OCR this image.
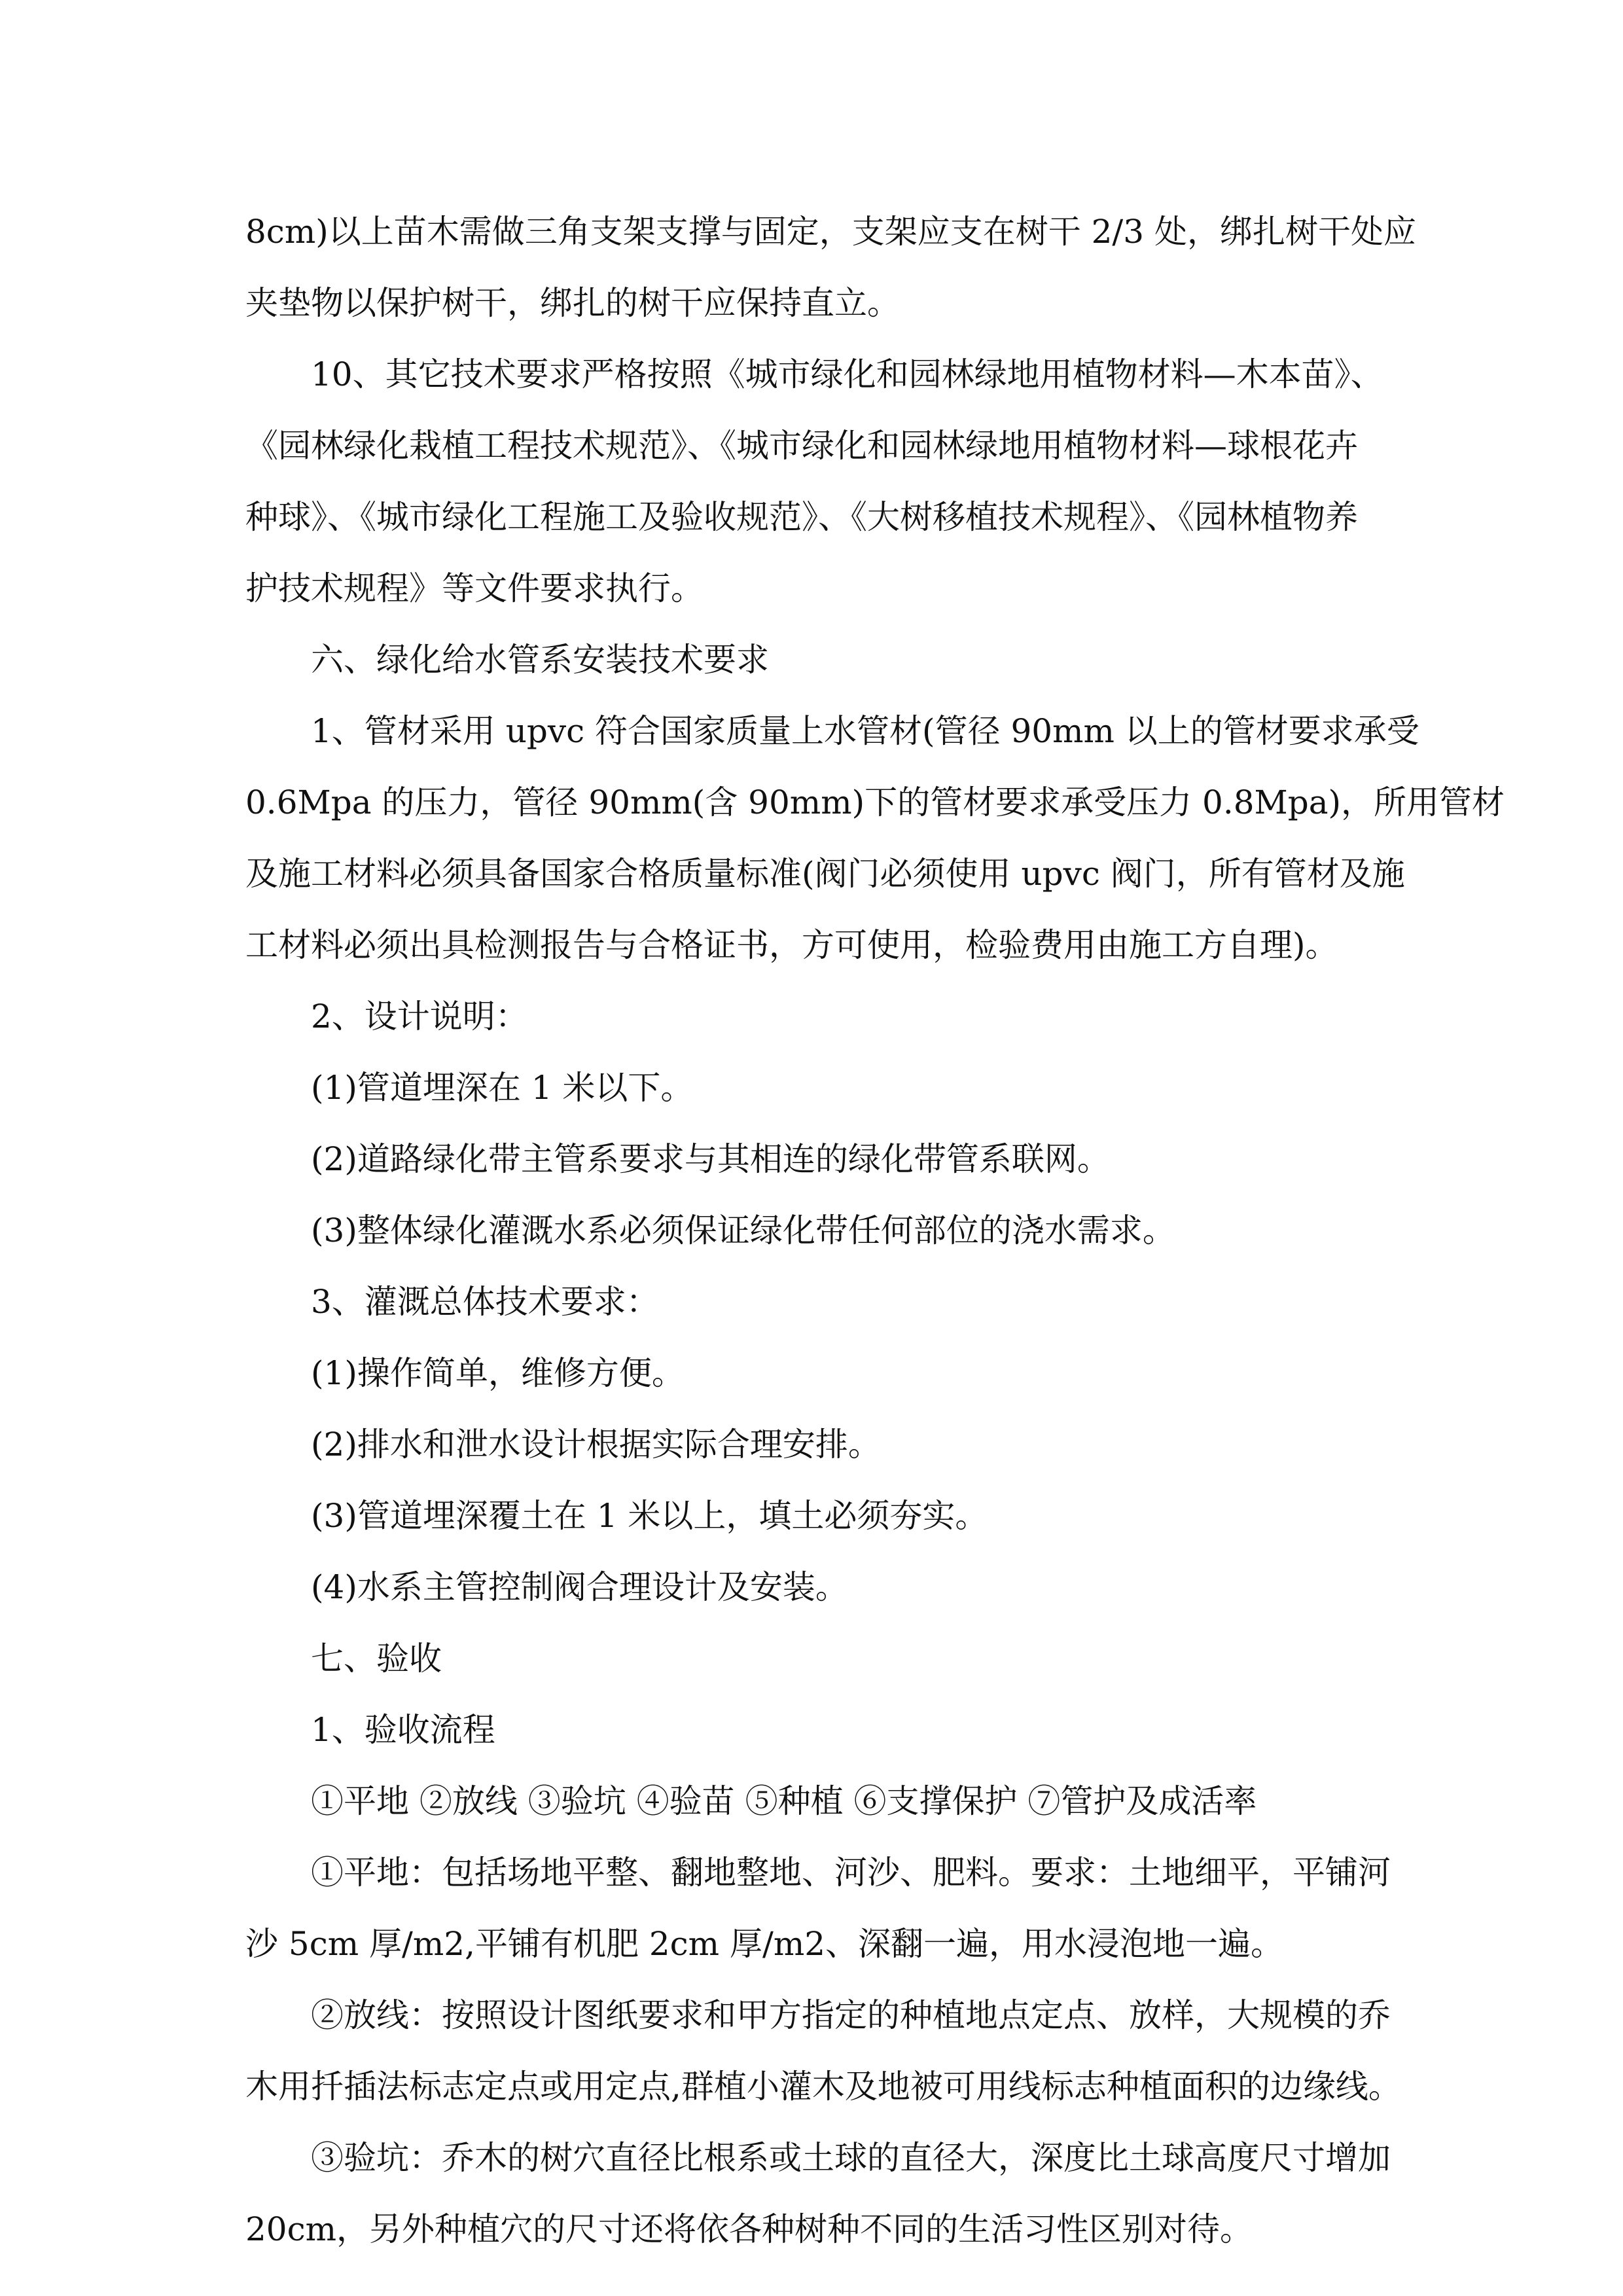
8cm)以上苗木需做三角支架支撑与固定，支架应支在树干 2/3 处，绑扎树干处应
夹垫物以保护树干，绑扎的树干应保持直立。

10、其它技术要求严格按照《城市绿化和园林绿地用植物材料—木本苗》、
《园林绿化栽植工程技术规范》、《城市绿化和园林绿地用植物材料—球根花卉
种球》、《城市绿化工程施工及验收规范》、《大树移植技术规程》、《园林植物养
护技术规程》等文件要求执行。

六、绿化给水管系安装技术要求

1、管材采用 upvc 符合国家质量上水管材(管径 90mm 以上的管材要求承受
0.6Mpa 的压力，管径 90mm(含 90mm)下的管材要求承受压力 0.8Mpa)，所用管材
及施工材料必须具备国家合格质量标准(阀门必须使用 upvc 阀门，所有管材及施
工材料必须出具检测报告与合格证书，方可使用，检验费用由施工方自理)。

2、设计说明：

(1)管道埋深在 1 米以下。

(2)道路绿化带主管系要求与其相连的绿化带管系联网。

(3)整体绿化灌溉水系必须保证绿化带任何部位的浇水需求。

3、灌溉总体技术要求：

(1)操作简单，维修方便。

(2)排水和泄水设计根据实际合理安排。

(3)管道埋深覆土在 1 米以上，填土必须夯实。

(4)水系主管控制阀合理设计及安装。

七、验收

1、验收流程

①平地 ②放线 ③验坑 ④验苗 ⑤种植 ⑥支撑保护 ⑦管护及成活率

①平地：包括场地平整、翻地整地、河沙、肥料。要求：土地细平，平铺河
沙 5cm 厚/m2,平铺有机肥 2cm 厚/m2、深翻一遍，用水浸泡地一遍。

②放线：按照设计图纸要求和甲方指定的种植地点定点、放样，大规模的乔
木用扦插法标志定点或用定点,群植小灌木及地被可用线标志种植面积的边缘线。

③验坑：乔木的树穴直径比根系或土球的直径大，深度比土球高度尺寸增加
20cm，另外种植穴的尺寸还将依各种树种不同的生活习性区别对待。
